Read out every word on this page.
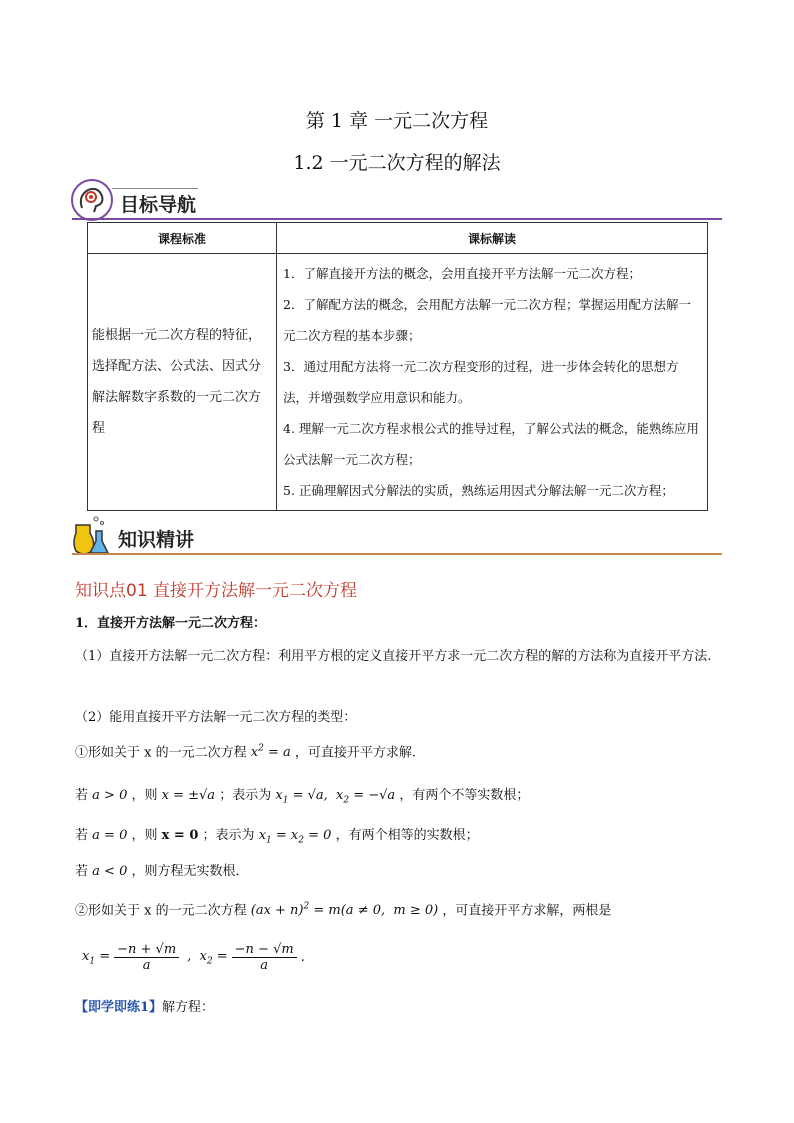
第 1 章 一元二次方程
1.2 一元二次方程的解法
目标导航
课程标准	课标解读
能根据一元二次方程的特征，选择配方法、公式法、因式分解法解数字系数的一元二次方程	1．了解直接开方法的概念，会用直接开平方法解一元二次方程；

2．了解配方法的概念，会用配方法解一元二次方程；掌握运用配方法解一元二次方程的基本步骤；

3．通过用配方法将一元二次方程变形的过程，进一步体会转化的思想方法，并增强数学应用意识和能力。

4. 理解一元二次方程求根公式的推导过程，了解公式法的概念，能熟练应用公式法解一元二次方程；

5. 正确理解因式分解法的实质，熟练运用因式分解法解一元二次方程；

知识精讲
知识点01 直接开方法解一元二次方程
1．直接开方法解一元二次方程：
（1）直接开方法解一元二次方程：利用平方根的定义直接开平方求一元二次方程的解的方法称为直接开平方法.
（2）能用直接开平方法解一元二次方程的类型：
①形如关于 x 的一元二次方程 $x^2 = a$ ，可直接开平方求解.
若 a > 0 ，则 x = ±√a ；表示为 $x_1 = √a$,  $x_2 = -√a$ ，有两个不等实数根；
若 a = 0 ，则 x = 0 ；表示为 $x_1 = x_2 = 0$ ，有两个相等的实数根；
若 a < 0 ，则方程无实数根．
②形如关于 x 的一元二次方程 (ax + n)$^2$ = m(a ≠ 0,  m ≥ 0) ，可直接开平方求解，两根是
$x_1 = \frac{-n + √m}{a}$ ,  $x_2 = \frac{-n - √m}{a}$ .
【即学即练1】解方程：
